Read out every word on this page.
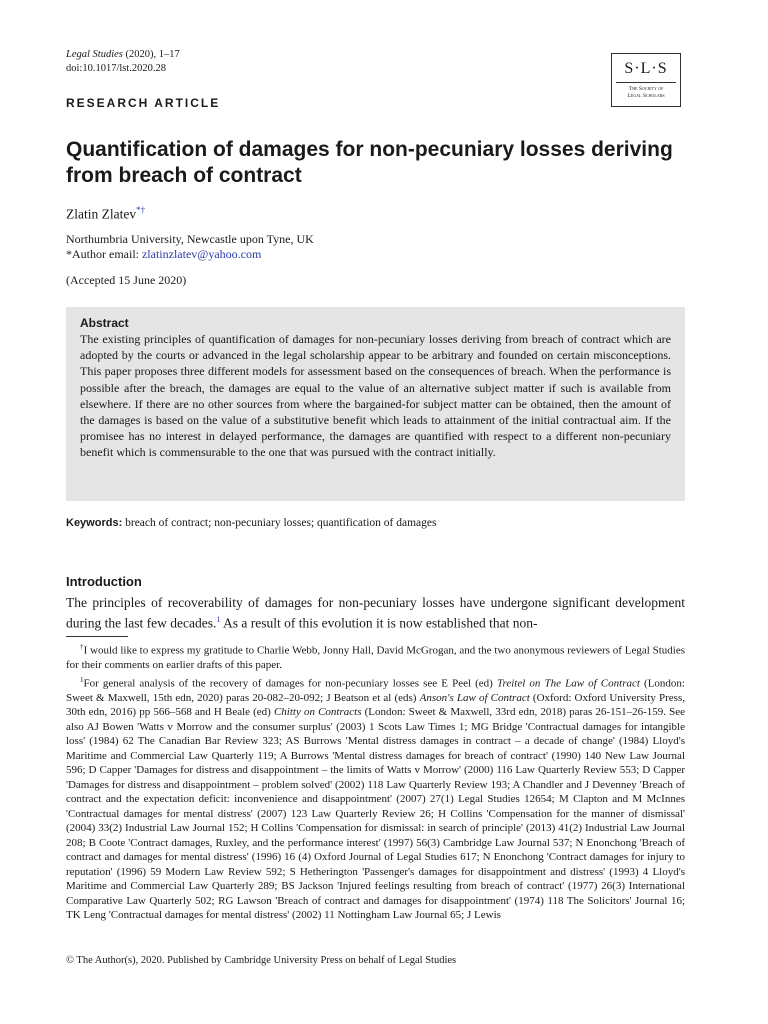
Legal Studies (2020), 1–17
doi:10.1017/lst.2020.28	S·L·S
The Society of
Legal Scholars
RESEARCH ARTICLE
Quantification of damages for non-pecuniary losses deriving from breach of contract
Zlatin Zlatev*†
Northumbria University, Newcastle upon Tyne, UK
*Author email: zlatinzlatev@yahoo.com
(Accepted 15 June 2020)
Abstract

The existing principles of quantification of damages for non-pecuniary losses deriving from breach of contract which are adopted by the courts or advanced in the legal scholarship appear to be arbitrary and founded on certain misconceptions. This paper proposes three different models for assessment based on the consequences of breach. When the performance is possible after the breach, the damages are equal to the value of an alternative subject matter if such is available from elsewhere. If there are no other sources from where the bargained-for subject matter can be obtained, then the amount of the damages is based on the value of a substitutive benefit which leads to attainment of the initial contractual aim. If the promisee has no interest in delayed performance, the damages are quantified with respect to a different non-pecuniary benefit which is commensurable to the one that was pursued with the contract initially.

Keywords: breach of contract; non-pecuniary losses; quantification of damages
Introduction

The principles of recoverability of damages for non-pecuniary losses have undergone significant development during the last few decades.$^1$ As a result of this evolution it is now established that non-

†I would like to express my gratitude to Charlie Webb, Jonny Hall, David McGrogan, and the two anonymous reviewers of Legal Studies for their comments on earlier drafts of this paper.

$^1$For general analysis of the recovery of damages for non-pecuniary losses see E Peel (ed) Treitel on The Law of Contract (London: Sweet & Maxwell, 15th edn, 2020) paras 20-082–20-092; J Beatson et al (eds) Anson's Law of Contract (Oxford: Oxford University Press, 30th edn, 2016) pp 566–568 and H Beale (ed) Chitty on Contracts (London: Sweet & Maxwell, 33rd edn, 2018) paras 26-151–26-159. See also AJ Bowen 'Watts v Morrow and the consumer surplus' (2003) 1 Scots Law Times 1; MG Bridge 'Contractual damages for intangible loss' (1984) 62 The Canadian Bar Review 323; AS Burrows 'Mental distress damages in contract – a decade of change' (1984) Lloyd's Maritime and Commercial Law Quarterly 119; A Burrows 'Mental distress damages for breach of contract' (1990) 140 New Law Journal 596; D Capper 'Damages for distress and disappointment – the limits of Watts v Morrow' (2000) 116 Law Quarterly Review 553; D Capper 'Damages for distress and disappointment – problem solved' (2002) 118 Law Quarterly Review 193; A Chandler and J Devenney 'Breach of contract and the expectation deficit: inconvenience and disappointment' (2007) 27(1) Legal Studies 12654; M Clapton and M McInnes 'Contractual damages for mental distress' (2007) 123 Law Quarterly Review 26; H Collins 'Compensation for the manner of dismissal' (2004) 33(2) Industrial Law Journal 152; H Collins 'Compensation for dismissal: in search of principle' (2013) 41(2) Industrial Law Journal 208; B Coote 'Contract damages, Ruxley, and the performance interest' (1997) 56(3) Cambridge Law Journal 537; N Enonchong 'Breach of contract and damages for mental distress' (1996) 16 (4) Oxford Journal of Legal Studies 617; N Enonchong 'Contract damages for injury to reputation' (1996) 59 Modern Law Review 592; S Hetherington 'Passenger's damages for disappointment and distress' (1993) 4 Lloyd's Maritime and Commercial Law Quarterly 289; BS Jackson 'Injured feelings resulting from breach of contract' (1977) 26(3) International Comparative Law Quarterly 502; RG Lawson 'Breach of contract and damages for disappointment' (1974) 118 The Solicitors' Journal 16; TK Leng 'Contractual damages for mental distress' (2002) 11 Nottingham Law Journal 65; J Lewis

© The Author(s), 2020. Published by Cambridge University Press on behalf of Legal Studies
